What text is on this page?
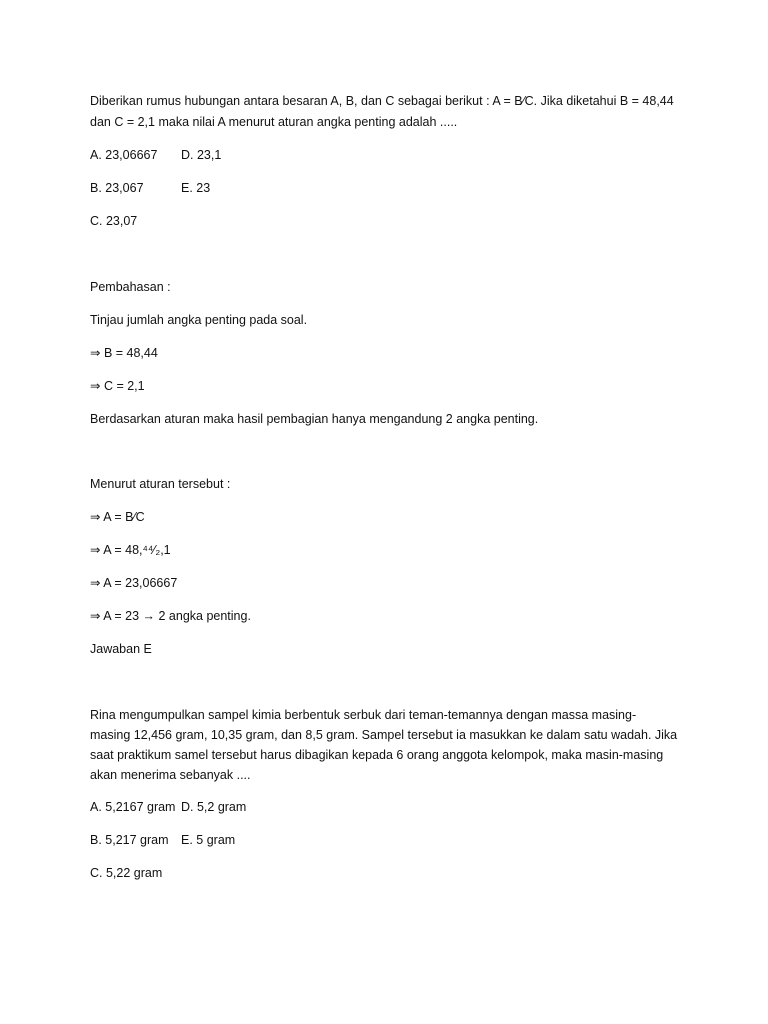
Diberikan rumus hubungan antara besaran A, B, dan C sebagai berikut : A = B⁄C. Jika diketahui B = 48,44
dan C = 2,1 maka nilai A menurut aturan angka penting adalah .....
A. 23,06667 D. 23,1
B. 23,067	E. 23
C. 23,07
Pembahasan :
Tinjau jumlah angka penting pada soal.
⇒ B = 48,44
⇒ C = 2,1
Berdasarkan aturan maka hasil pembagian hanya mengandung 2 angka penting.
Menurut aturan tersebut :
⇒ A = B⁄C
⇒ A = 48,⁴⁴⁄₂,1
⇒ A = 23,06667
⇒ A = 23 → 2 angka penting.
Jawaban E
Rina mengumpulkan sampel kimia berbentuk serbuk dari teman-temannya dengan massa masing-
masing 12,456 gram, 10,35 gram, dan 8,5 gram. Sampel tersebut ia masukkan ke dalam satu wadah. Jika
saat praktikum samel tersebut harus dibagikan kepada 6 orang anggota kelompok, maka masin-masing
akan menerima sebanyak ....
A. 5,2167 gram D. 5,2 gram
B. 5,217 gram E. 5 gram
C. 5,22 gram
